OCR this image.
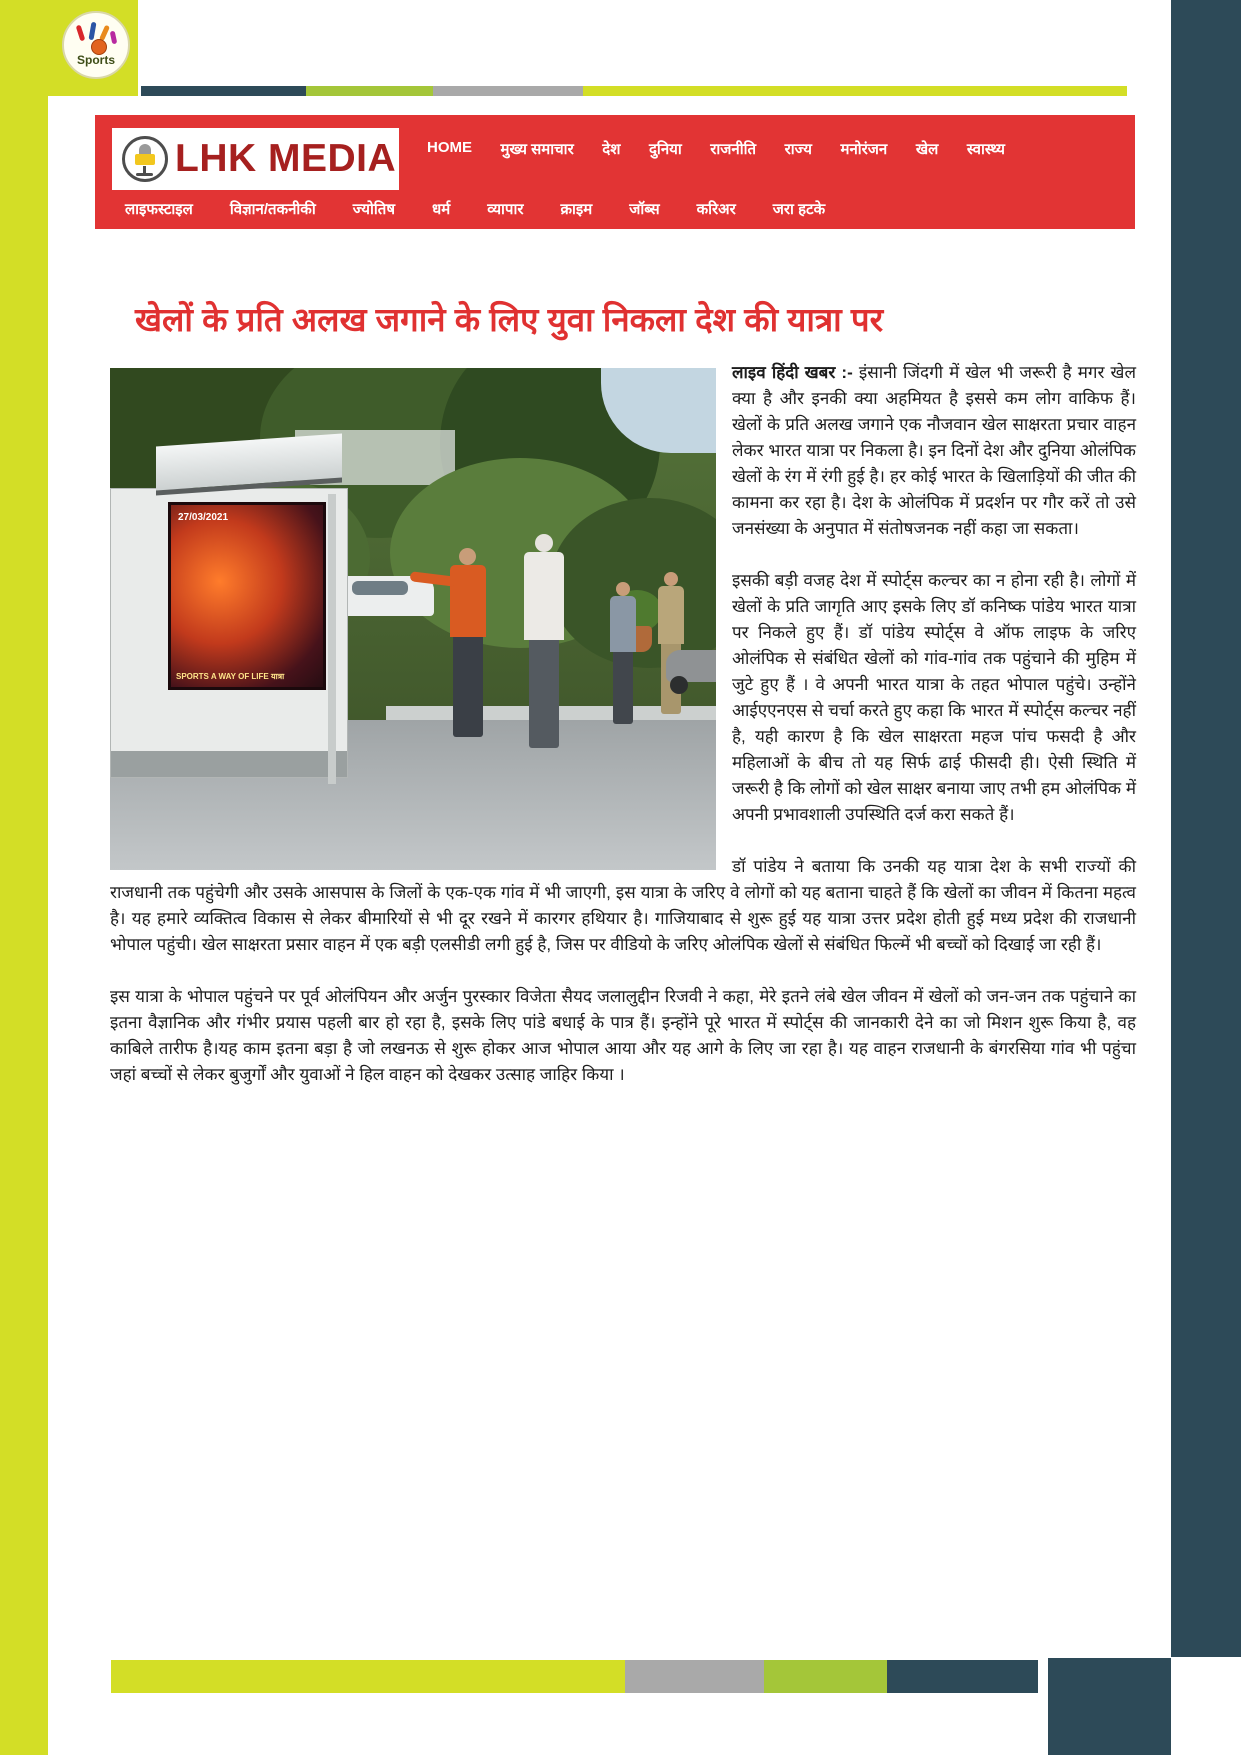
Sports
LHK MEDIA HOME मुख्य समाचार देश दुनिया राजनीति राज्य मनोरंजन खेल स्वास्थ्य
लाइफस्टाइल विज्ञान/तकनीकी ज्योतिष धर्म व्यापार क्राइम जॉब्स करिअर जरा हटके
खेलों के प्रति अलख जगाने के लिए युवा निकला देश की यात्रा पर
27/03/2021
SPORTS A WAY OF LIFE यात्रा

लाइव हिंदी खबर :- इंसानी जिंदगी में खेल भी जरूरी है मगर खेल क्या है और इनकी क्या अहमियत है इससे कम लोग वाकिफ हैं। खेलों के प्रति अलख जगाने एक नौजवान खेल साक्षरता प्रचार वाहन लेकर भारत यात्रा पर निकला है। इन दिनों देश और दुनिया ओलंपिक खेलों के रंग में रंगी हुई है। हर कोई भारत के खिलाड़ियों की जीत की कामना कर रहा है। देश के ओलंपिक में प्रदर्शन पर गौर करें तो उसे जनसंख्या के अनुपात में संतोषजनक नहीं कहा जा सकता।

इसकी बड़ी वजह देश में स्पोर्ट्स कल्चर का न होना रही है। लोगों में खेलों के प्रति जागृति आए इसके लिए डॉ कनिष्क पांडेय भारत यात्रा पर निकले हुए हैं। डॉ पांडेय स्पोर्ट्स वे ऑफ लाइफ के जरिए ओलंपिक से संबंधित खेलों को गांव-गांव तक पहुंचाने की मुहिम में जुटे हुए हैं । वे अपनी भारत यात्रा के तहत भोपाल पहुंचे। उन्होंने आईएएनएस से चर्चा करते हुए कहा कि भारत में स्पोर्ट्स कल्चर नहीं है, यही कारण है कि खेल साक्षरता महज पांच फसदी है और महिलाओं के बीच तो यह सिर्फ ढाई फीसदी ही। ऐसी स्थिति में जरूरी है कि लोगों को खेल साक्षर बनाया जाए तभी हम ओलंपिक में अपनी प्रभावशाली उपस्थिति दर्ज करा सकते हैं।

डॉ पांडेय ने बताया कि उनकी यह यात्रा देश के सभी राज्यों की राजधानी तक पहुंचेगी और उसके आसपास के जिलों के एक-एक गांव में भी जाएगी, इस यात्रा के जरिए वे लोगों को यह बताना चाहते हैं कि खेलों का जीवन में कितना महत्व है। यह हमारे व्यक्तित्व विकास से लेकर बीमारियों से भी दूर रखने में कारगर हथियार है। गाजियाबाद से शुरू हुई यह यात्रा उत्तर प्रदेश होती हुई मध्य प्रदेश की राजधानी भोपाल पहुंची। खेल साक्षरता प्रसार वाहन में एक बड़ी एलसीडी लगी हुई है, जिस पर वीडियो के जरिए ओलंपिक खेलों से संबंधित फिल्में भी बच्चों को दिखाई जा रही हैं।

इस यात्रा के भोपाल पहुंचने पर पूर्व ओलंपियन और अर्जुन पुरस्कार विजेता सैयद जलालुद्दीन रिजवी ने कहा, मेरे इतने लंबे खेल जीवन में खेलों को जन-जन तक पहुंचाने का इतना वैज्ञानिक और गंभीर प्रयास पहली बार हो रहा है, इसके लिए पांडे बधाई के पात्र हैं। इन्होंने पूरे भारत में स्पोर्ट्स की जानकारी देने का जो मिशन शुरू किया है, वह काबिले तारीफ है।यह काम इतना बड़ा है जो लखनऊ से शुरू होकर आज भोपाल आया और यह आगे के लिए जा रहा है। यह वाहन राजधानी के बंगरसिया गांव भी पहुंचा जहां बच्चों से लेकर बुजुर्गों और युवाओं ने हिल वाहन को देखकर उत्साह जाहिर किया ।
